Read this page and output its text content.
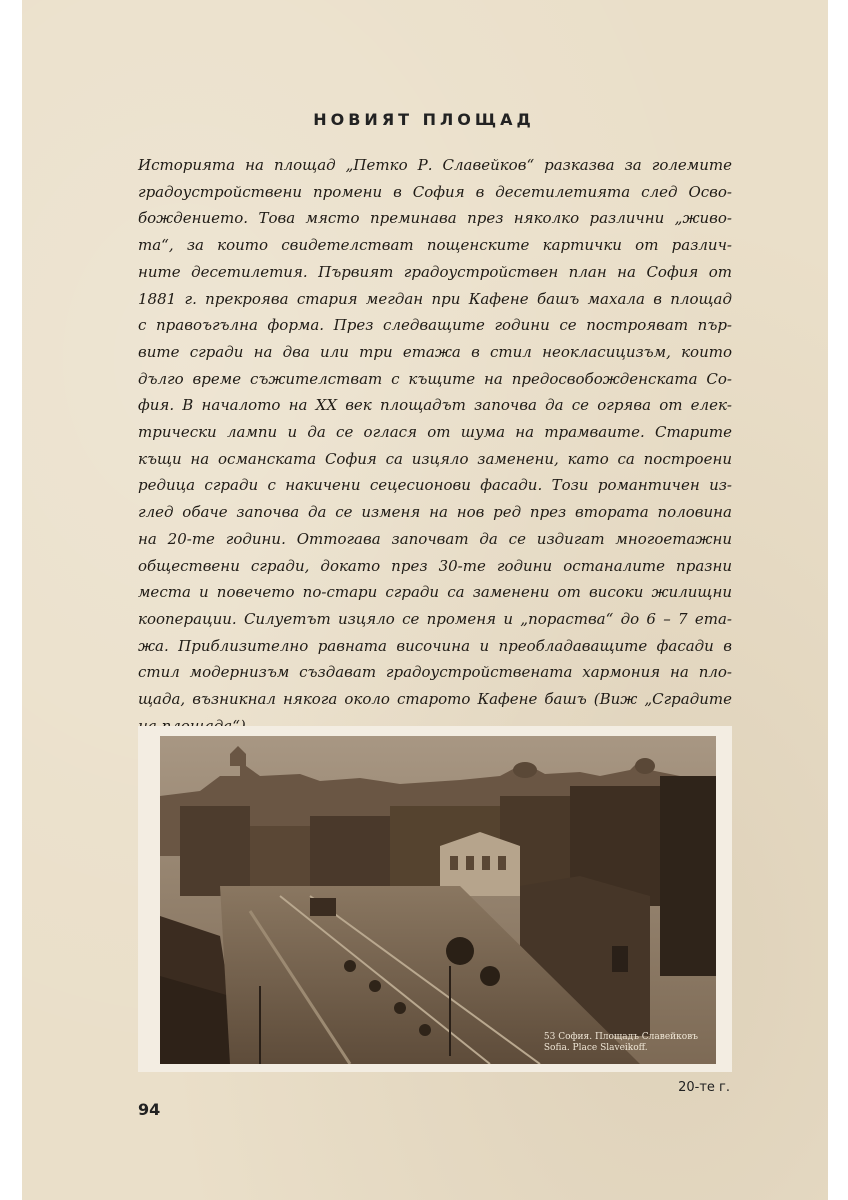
НОВИЯТ ПЛОЩАД
Историята на площад „Петко Р. Славейков“ разказва за големите
градоустройствени промени в София в десетилетията след Осво-
бождението. Това място преминава през няколко различни „живо-
та“, за които свидетелстват пощенските картички от различ-
ните десетилетия. Първият градоустройствен план на София от
1881 г. прекроява стария мегдан при Кафене башъ махала в площад
с правоъгълна форма. През следващите години се построяват пър-
вите сгради на два или три етажа в стил неокласицизъм, които
дълго време съжителстват с къщите на предосвобожденската Со-
фия. В началото на XX век площадът започва да се огрява от елек-
трически лампи и да се оглася от шума на трамваите. Старите
къщи на османската София са изцяло заменени, като са построени
редица сгради с накичени сецесионови фасади. Този романтичен из-
глед обаче започва да се изменя на нов ред през втората половина
на 20-те години. Оттогава започват да се издигат многоетажни
обществени сгради, докато през 30-те години останалите празни
места и повечето по-стари сгради са заменени от високи жилищни
кооперации. Силуетът изцяло се променя и „пораства“ до 6 – 7 ета-
жа. Приблизително равната височина и преобладаващите фасади в
стил модернизъм създават градоустройствената хармония на пло-
щада, възникнал някога около старото Кафене башъ (Виж „Сградите
53 София. Площадъ Славейковъ
Sofia. Place Slaveikoff.
20-те г.
94
